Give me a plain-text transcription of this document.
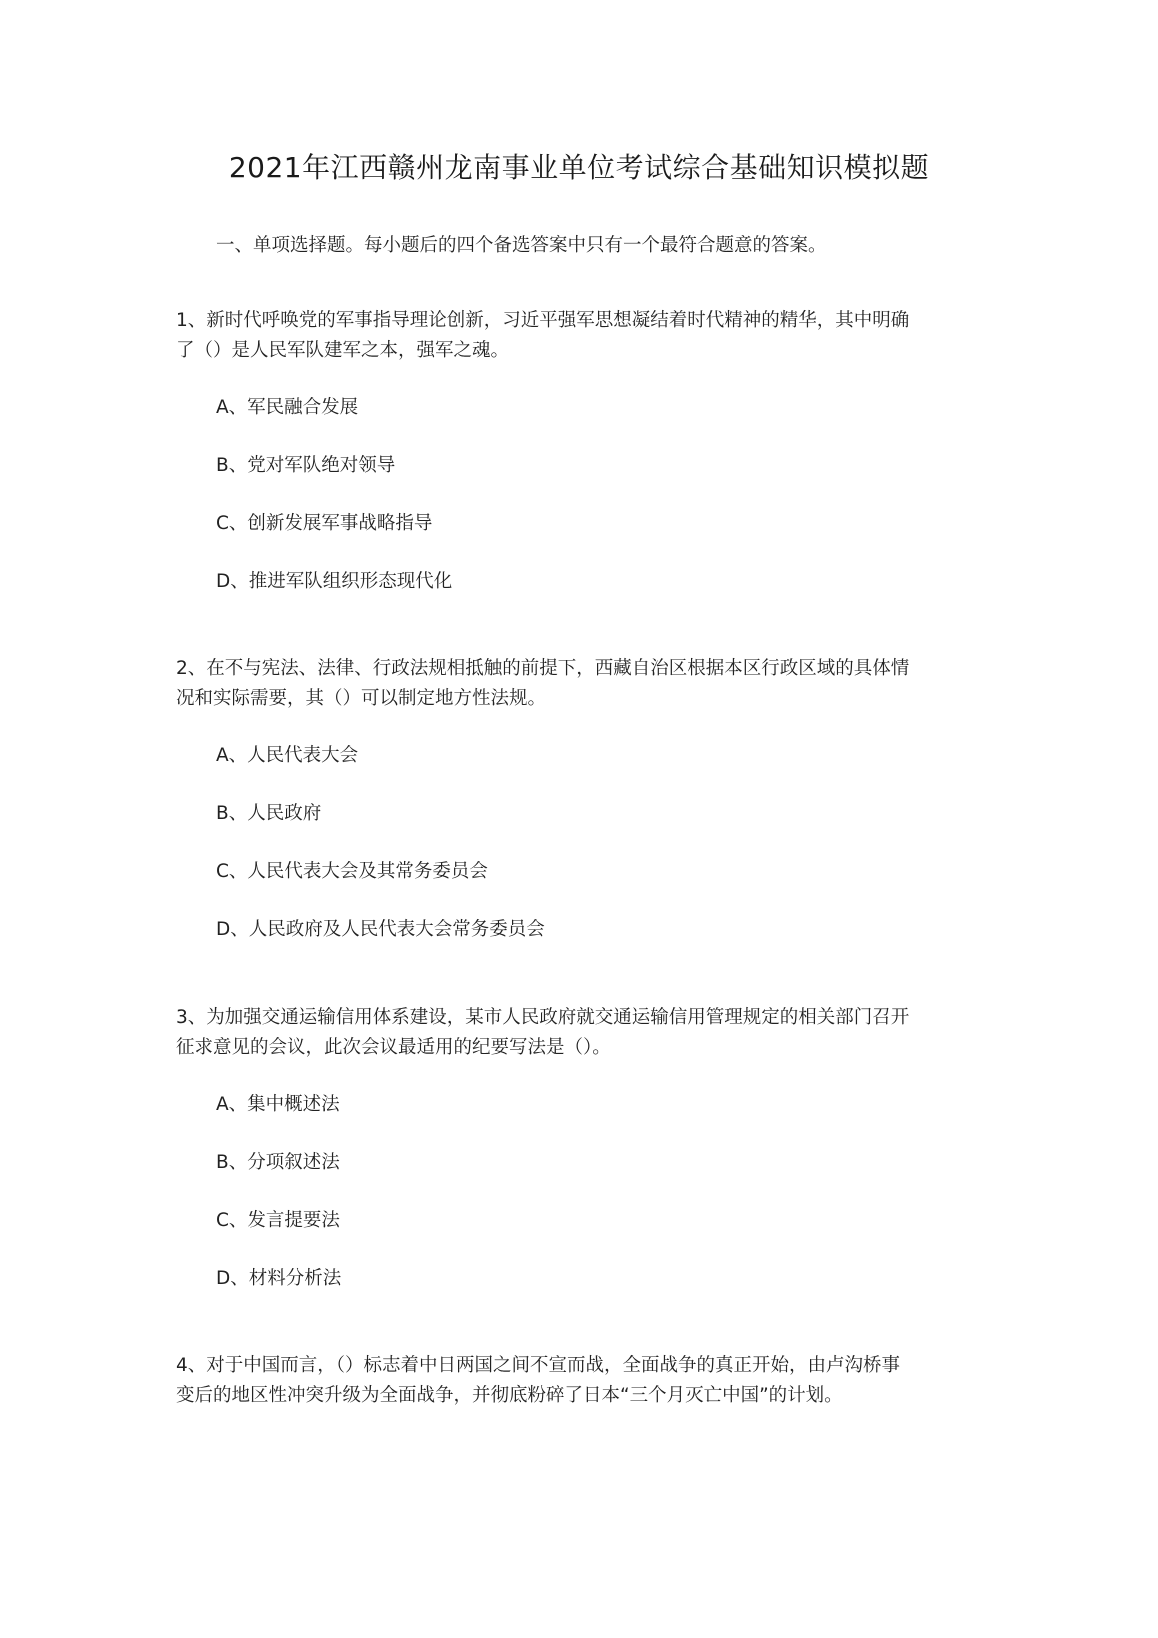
2021年江西赣州龙南事业单位考试综合基础知识模拟题
一、单项选择题。每小题后的四个备选答案中只有一个最符合题意的答案。
1、新时代呼唤党的军事指导理论创新，习近平强军思想凝结着时代精神的精华，其中明确
了（）是人民军队建军之本，强军之魂。
A、军民融合发展
B、党对军队绝对领导
C、创新发展军事战略指导
D、推进军队组织形态现代化
2、在不与宪法、法律、行政法规相抵触的前提下，西藏自治区根据本区行政区域的具体情
况和实际需要，其（）可以制定地方性法规。
A、人民代表大会
B、人民政府
C、人民代表大会及其常务委员会
D、人民政府及人民代表大会常务委员会
3、为加强交通运输信用体系建设，某市人民政府就交通运输信用管理规定的相关部门召开
征求意见的会议，此次会议最适用的纪要写法是（）。
A、集中概述法
B、分项叙述法
C、发言提要法
D、材料分析法
4、对于中国而言，（）标志着中日两国之间不宣而战，全面战争的真正开始，由卢沟桥事
变后的地区性冲突升级为全面战争，并彻底粉碎了日本“三个月灭亡中国”的计划。
